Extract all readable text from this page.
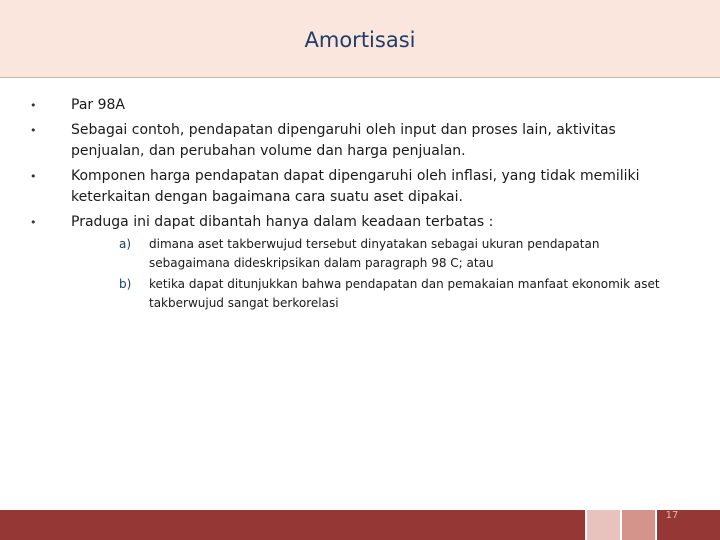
Amortisasi
• Par 98A
• Sebagai contoh, pendapatan dipengaruhi oleh input dan proses lain, aktivitas penjualan, dan perubahan volume dan harga penjualan.
• Komponen harga pendapatan dapat dipengaruhi oleh inflasi, yang tidak memiliki keterkaitan dengan bagaimana cara suatu aset dipakai.
• Praduga ini dapat dibantah hanya dalam keadaan terbatas :
a) dimana aset takberwujud tersebut dinyatakan sebagai ukuran pendapatan sebagaimana dideskripsikan dalam paragraph 98 C; atau
b) ketika dapat ditunjukkan bahwa pendapatan dan pemakaian manfaat ekonomik aset takberwujud sangat berkorelasi
17
